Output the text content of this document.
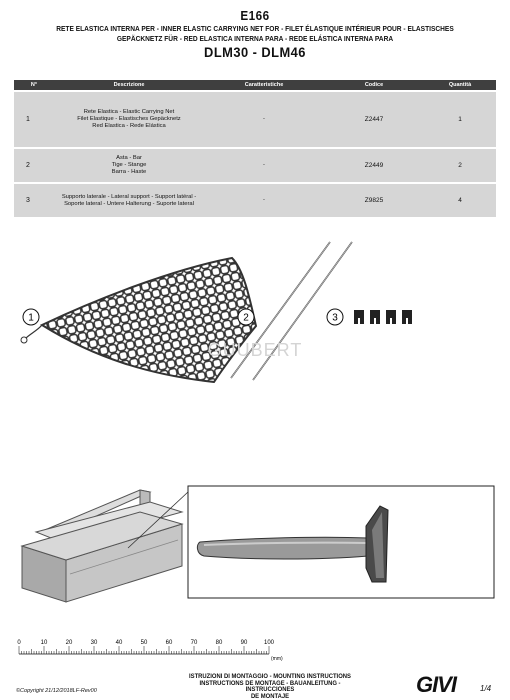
E166
RETE ELASTICA INTERNA PER - INNER ELASTIC CARRYING NET FOR - FILET ÉLASTIQUE INTÉRIEUR POUR - ELASTISCHES
GEPÄCKNETZ FÜR - RED ELASTICA INTERNA PARA - REDE ELÁSTICA INTERNA PARA
DLM30 - DLM46
N°	Descrizione	Caratteristiche	Codice	Quantità
1	Rete Elastica - Elastic Carrying Net
Filet Elastique - Elastisches Gepäcknetz
Red Elastica - Rede Elástica	-	Z2447	1
2	Asta - Bar
Tige - Stange
Barra - Haste	-	Z2449	2
3	Supporto laterale - Lateral support - Support latéral -
Soporte lateral - Untere Halterung - Suporte lateral	-	Z9825	4
1	2	3
GUUBERT
0	10	20	30	40	50	60	70	80	90	100
(mm)
ISTRUZIONI DI MONTAGGIO - MOUNTING INSTRUCTIONS
INSTRUCTIONS DE MONTAGE - BAUANLEITUNG - INSTRUCCIONES
DE MONTAJE
©Copyright 21/12/2018LF-Rev00	GIVI	1/4
